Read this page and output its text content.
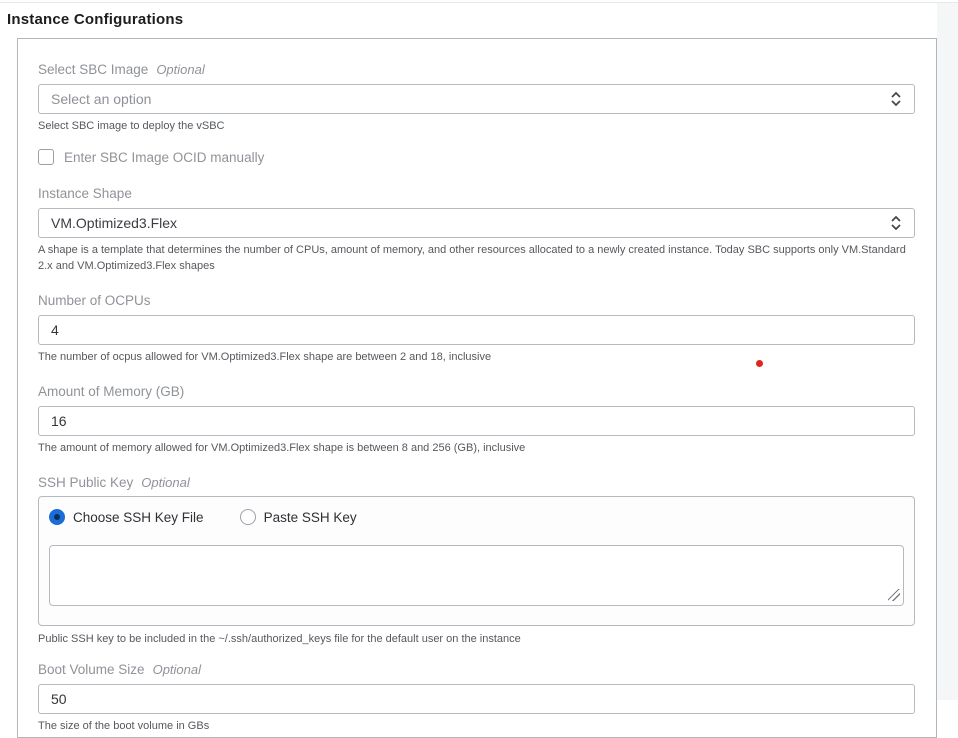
Instance Configurations
Select SBC Image Optional
Select an option
Select SBC image to deploy the vSBC
Enter SBC Image OCID manually
Instance Shape
VM.Optimized3.Flex
A shape is a template that determines the number of CPUs, amount of memory, and other resources allocated to a newly created instance. Today SBC supports only VM.Standard 2.x and VM.Optimized3.Flex shapes
Number of OCPUs
4
The number of ocpus allowed for VM.Optimized3.Flex shape are between 2 and 18, inclusive
Amount of Memory (GB)
16
The amount of memory allowed for VM.Optimized3.Flex shape is between 8 and 256 (GB), inclusive
SSH Public Key Optional
Choose SSH Key File	Paste SSH Key
Public SSH key to be included in the ~/.ssh/authorized_keys file for the default user on the instance
Boot Volume Size Optional
50
The size of the boot volume in GBs
